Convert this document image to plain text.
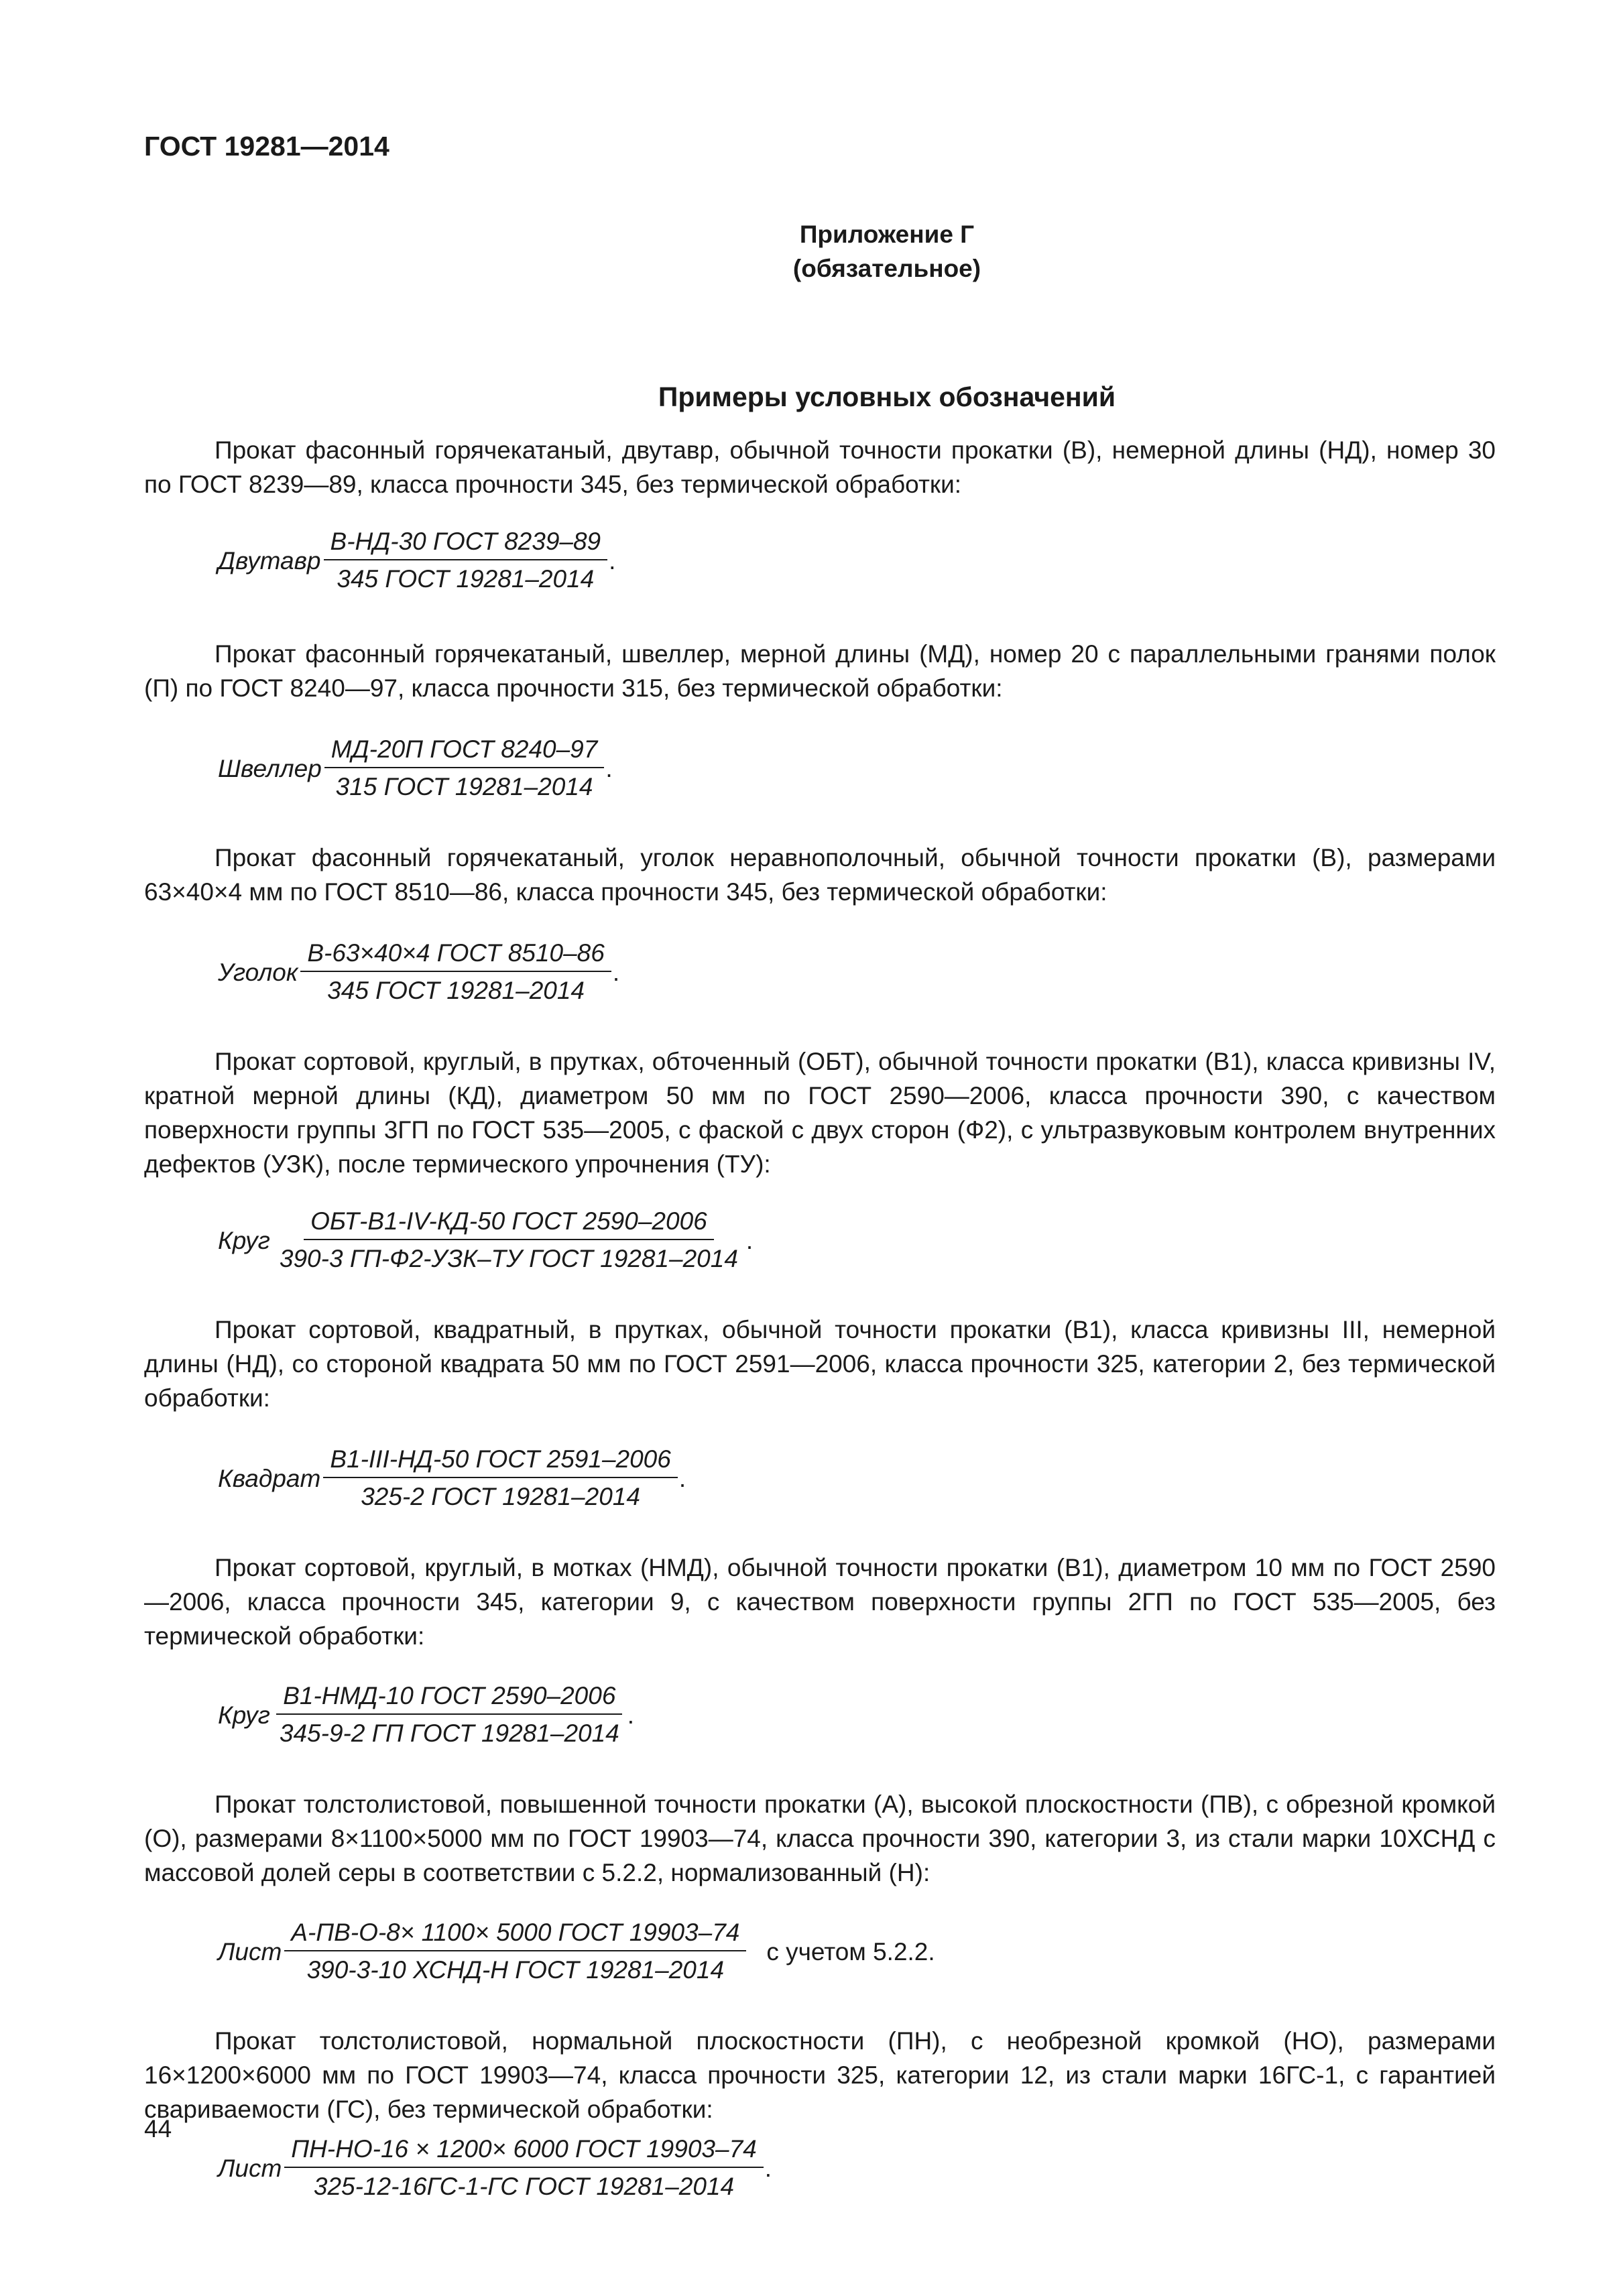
ГОСТ 19281—2014
Приложение Г
(обязательное)
Примеры условных обозначений

Прокат фасонный горячекатаный, двутавр, обычной точности прокатки (В), немерной длины (НД), номер 30 по ГОСТ 8239—89, класса прочности 345, без термической обработки:

Двутавр $\frac{\text{В-НД-30 ГОСТ 8239–89}}{\text{345 ГОСТ 19281–2014}}$ .

Прокат фасонный горячекатаный, швеллер, мерной длины (МД), номер 20 с параллельными гранями полок (П) по ГОСТ 8240—97, класса прочности 315, без термической обработки:

Швеллер $\frac{\text{МД-20П ГОСТ 8240–97}}{\text{315 ГОСТ 19281–2014}}$ .

Прокат фасонный горячекатаный, уголок неравнополочный, обычной точности прокатки (В), размерами 63×40×4 мм по ГОСТ 8510—86, класса прочности 345, без термической обработки:

Уголок $\frac{\text{В-63×40×4 ГОСТ 8510–86}}{\text{345 ГОСТ 19281–2014}}$ .

Прокат сортовой, круглый, в прутках, обточенный (ОБТ), обычной точности прокатки (В1), класса кривизны IV, кратной мерной длины (КД), диаметром 50 мм по ГОСТ 2590—2006, класса прочности 390, с качеством поверхности группы 3ГП по ГОСТ 535—2005, с фаской с двух сторон (Ф2), с ультразвуковым контролем внутренних дефектов (УЗК), после термического упрочнения (ТУ):

Круг $\frac{\text{ОБТ-В1-IV-КД-50 ГОСТ 2590–2006}}{\text{390-3 ГП-Ф2-УЗК–ТУ ГОСТ 19281–2014}}$ .

Прокат сортовой, квадратный, в прутках, обычной точности прокатки (В1), класса кривизны III, немерной длины (НД), со стороной квадрата 50 мм по ГОСТ 2591—2006, класса прочности 325, категории 2, без термической обработки:

Квадрат $\frac{\text{В1-III-НД-50 ГОСТ 2591–2006}}{\text{325-2 ГОСТ 19281–2014}}$ .

Прокат сортовой, круглый, в мотках (НМД), обычной точности прокатки (В1), диаметром 10 мм по ГОСТ 2590—2006, класса прочности 345, категории 9, с качеством поверхности группы 2ГП по ГОСТ 535—2005, без термической обработки:

Круг $\frac{\text{В1-НМД-10 ГОСТ 2590–2006}}{\text{345-9-2 ГП ГОСТ 19281–2014}}$ .

Прокат толстолистовой, повышенной точности прокатки (А), высокой плоскостности (ПВ), с обрезной кромкой (О), размерами 8×1100×5000 мм по ГОСТ 19903—74, класса прочности 390, категории 3, из стали марки 10ХСНД с массовой долей серы в соответствии с 5.2.2, нормализованный (Н):

Лист $\frac{\text{А-ПВ-О-8× 1100× 5000 ГОСТ 19903–74}}{\text{390-3-10 ХСНД-Н ГОСТ 19281–2014}}$ с учетом 5.2.2.

Прокат толстолистовой, нормальной плоскостности (ПН), с необрезной кромкой (НО), размерами 16×1200×6000 мм по ГОСТ 19903—74, класса прочности 325, категории 12, из стали марки 16ГС-1, с гарантией свариваемости (ГС), без термической обработки:

Лист $\frac{\text{ПН-НО-16 × 1200× 6000 ГОСТ 19903–74}}{\text{325-12-16ГС-1-ГС ГОСТ 19281–2014}}$ .
44
